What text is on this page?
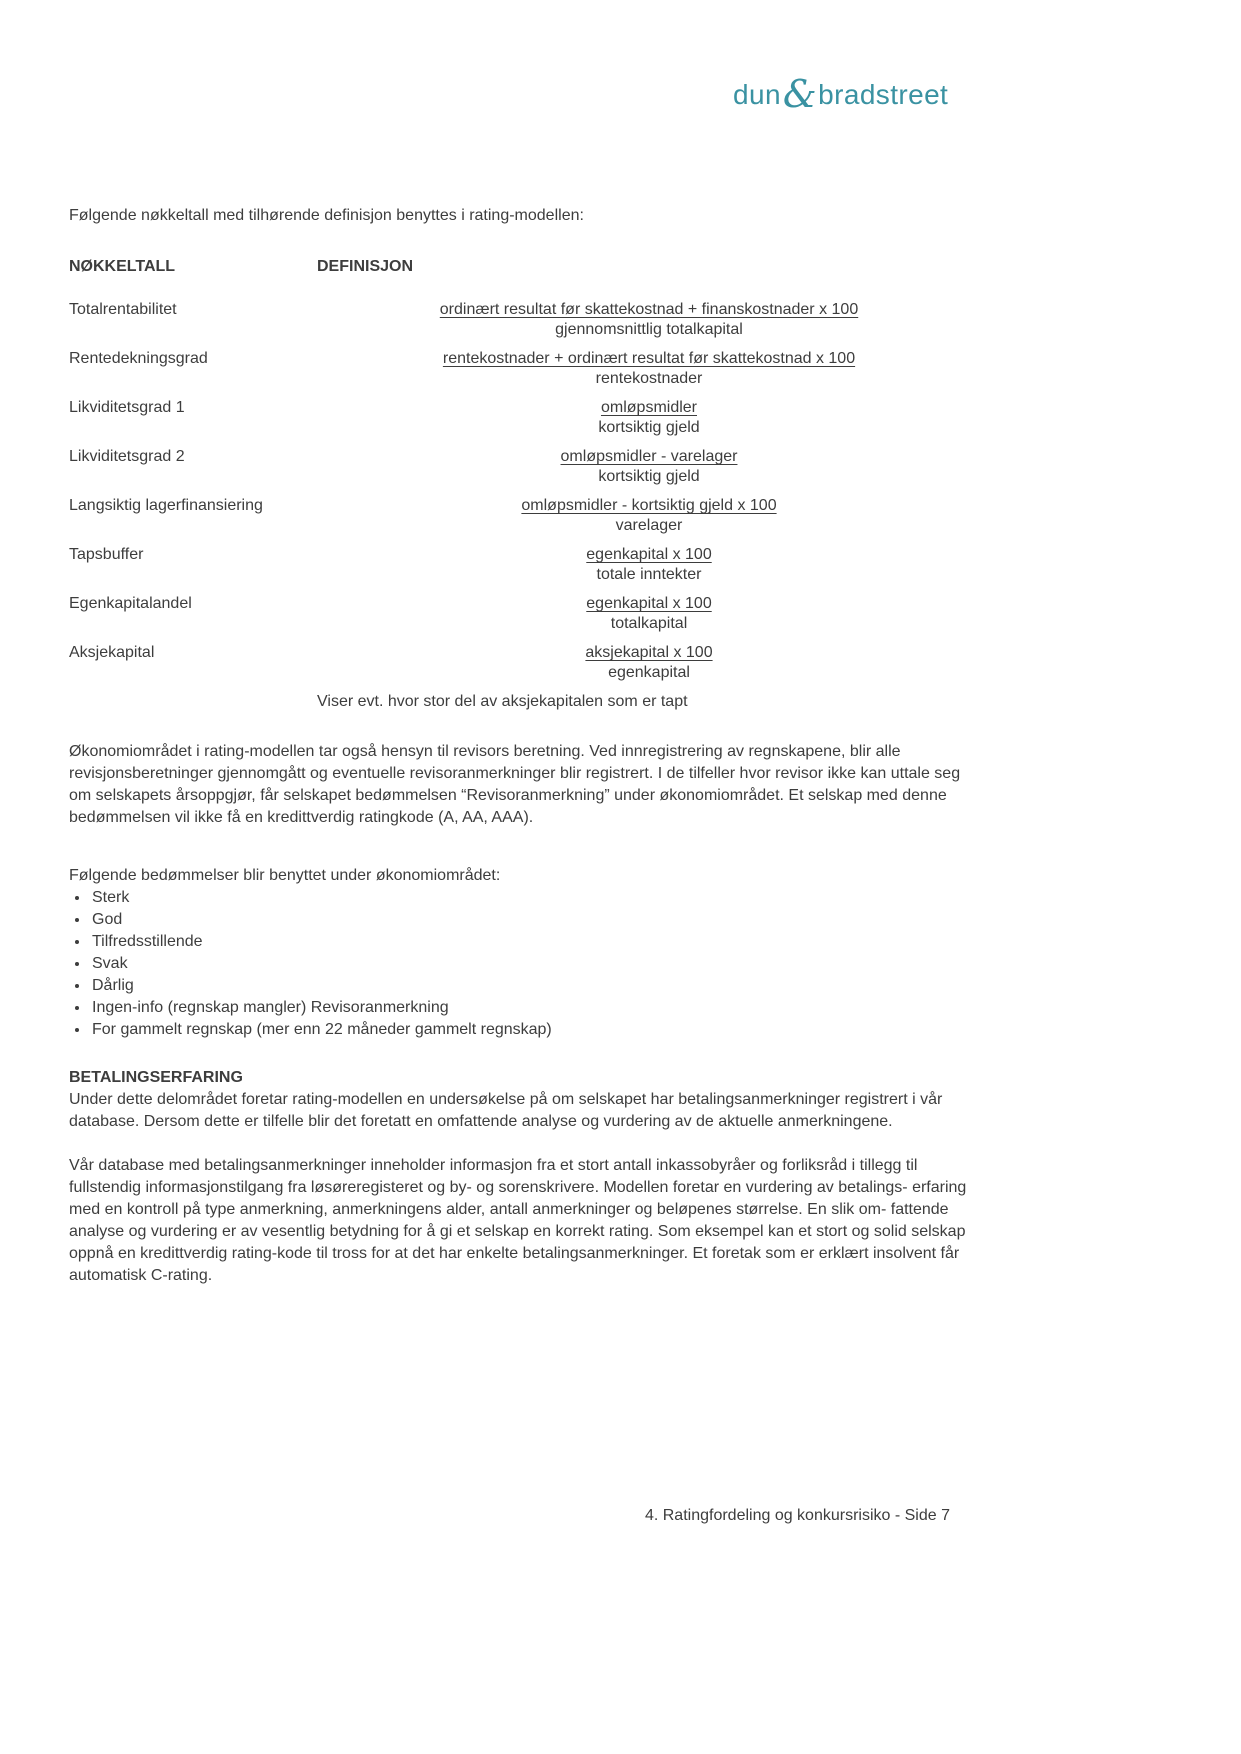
dun&bradstreet

Følgende nøkkeltall med tilhørende definisjon benyttes i rating-modellen:

NØKKELTALL	DEFINISJON
Totalrentabilitet	$\frac{\text{ordinært resultat før skattekostnad + finanskostnader x 100}}{\text{gjennomsnittlig totalkapital}}$
Rentedekningsgrad	$\frac{\text{rentekostnader + ordinært resultat før skattekostnad x 100}}{\text{rentekostnader}}$
Likviditetsgrad 1	$\frac{\text{omløpsmidler}}{\text{kortsiktig gjeld}}$
Likviditetsgrad 2	$\frac{\text{omløpsmidler - varelager}}{\text{kortsiktig gjeld}}$
Langsiktig lagerfinansiering	$\frac{\text{omløpsmidler - kortsiktig gjeld x 100}}{\text{varelager}}$
Tapsbuffer	$\frac{\text{egenkapital x 100}}{\text{totale inntekter}}$
Egenkapitalandel	$\frac{\text{egenkapital x 100}}{\text{totalkapital}}$
Aksjekapital	$\frac{\text{aksjekapital x 100}}{\text{egenkapital}}$
Viser evt. hvor stor del av aksjekapitalen som er tapt

Økonomiområdet i rating-modellen tar også hensyn til revisors beretning. Ved innregistrering av regnskapene, blir alle revisjonsberetninger gjennomgått og eventuelle revisoranmerkninger blir registrert. I de tilfeller hvor revisor ikke kan uttale seg om selskapets årsoppgjør, får selskapet bedømmelsen “Revisoranmerkning” under økonomiområdet. Et selskap med denne bedømmelsen vil ikke få en kredittverdig ratingkode (A, AA, AAA).

Følgende bedømmelser blir benyttet under økonomiområdet:

• Sterk
• God
• Tilfredsstillende
• Svak
• Dårlig
• Ingen-info (regnskap mangler) Revisoranmerkning
• For gammelt regnskap (mer enn 22 måneder gammelt regnskap)
BETALINGSERFARING

Under dette delområdet foretar rating-modellen en undersøkelse på om selskapet har betalingsanmerkninger registrert i vår database. Dersom dette er tilfelle blir det foretatt en omfattende analyse og vurdering av de aktuelle anmerkningene.

Vår database med betalingsanmerkninger inneholder informasjon fra et stort antall inkassobyråer og forliksråd i tillegg til fullstendig informasjonstilgang fra løsøreregisteret og by- og sorenskrivere. Modellen foretar en vurdering av betalings- erfaring med en kontroll på type anmerkning, anmerkningens alder, antall anmerkninger og beløpenes størrelse. En slik om- fattende analyse og vurdering er av vesentlig betydning for å gi et selskap en korrekt rating. Som eksempel kan et stort og solid selskap oppnå en kredittverdig rating-kode til tross for at det har enkelte betalingsanmerkninger. Et foretak som er erklært insolvent får automatisk C-rating.

4. Ratingfordeling og konkursrisiko - Side 7
